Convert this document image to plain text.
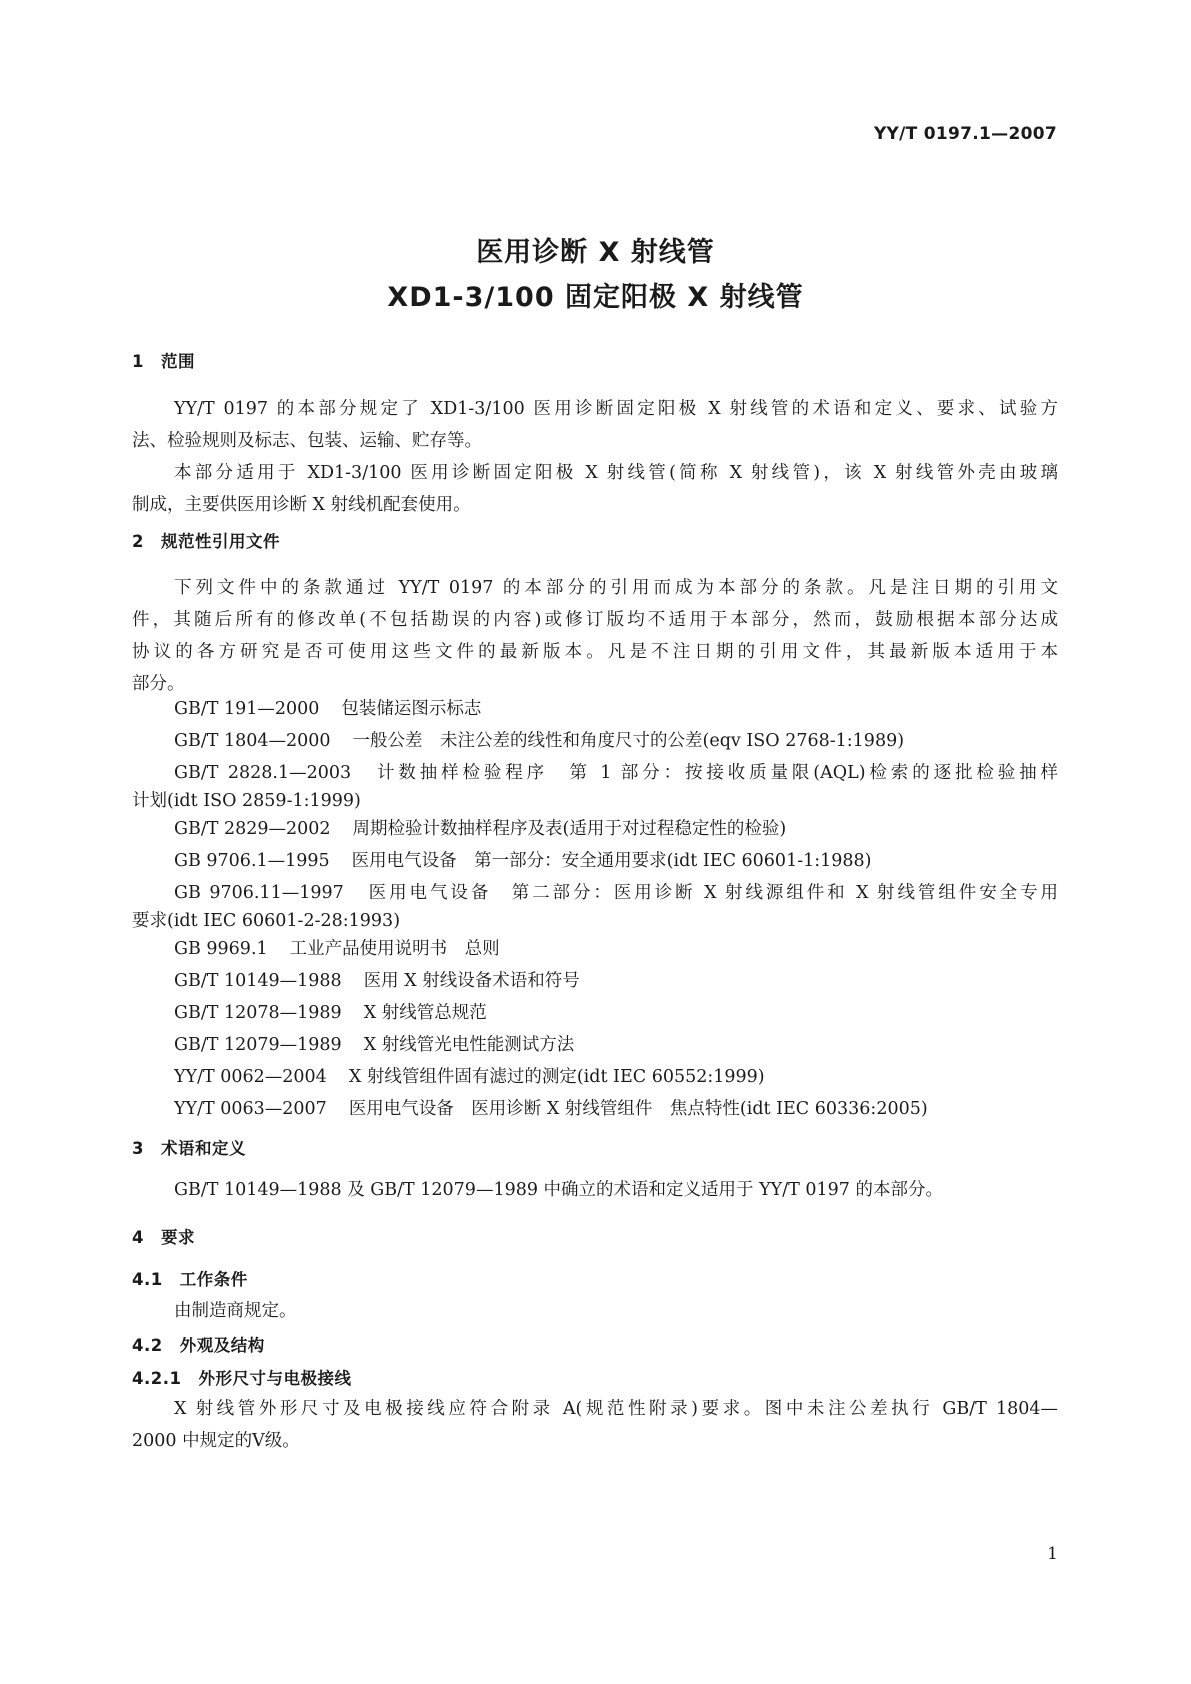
YY/T 0197.1—2007
医用诊断 X 射线管
XD1-3/100 固定阳极 X 射线管
1　范围
YY/T 0197 的本部分规定了 XD1-3/100 医用诊断固定阳极 X 射线管的术语和定义、要求、试验方
法、检验规则及标志、包装、运输、贮存等。
本部分适用于 XD1-3/100 医用诊断固定阳极 X 射线管(简称 X 射线管)，该 X 射线管外壳由玻璃
制成，主要供医用诊断 X 射线机配套使用。
2　规范性引用文件
下列文件中的条款通过 YY/T 0197 的本部分的引用而成为本部分的条款。凡是注日期的引用文
件，其随后所有的修改单(不包括勘误的内容)或修订版均不适用于本部分，然而，鼓励根据本部分达成
协议的各方研究是否可使用这些文件的最新版本。凡是不注日期的引用文件，其最新版本适用于本
部分。
GB/T 191—2000 包装储运图示标志
GB/T 1804—2000 一般公差　未注公差的线性和角度尺寸的公差(eqv ISO 2768-1:1989)
GB/T 2828.1—2003 计数抽样检验程序　第 1 部分：按接收质量限(AQL)检索的逐批检验抽样
计划(idt ISO 2859-1:1999)
GB/T 2829—2002 周期检验计数抽样程序及表(适用于对过程稳定性的检验)
GB 9706.1—1995 医用电气设备　第一部分：安全通用要求(idt IEC 60601-1:1988)
GB 9706.11—1997 医用电气设备　第二部分：医用诊断 X 射线源组件和 X 射线管组件安全专用
要求(idt IEC 60601-2-28:1993)
GB 9969.1 工业产品使用说明书　总则
GB/T 10149—1988 医用 X 射线设备术语和符号
GB/T 12078—1989 X 射线管总规范
GB/T 12079—1989 X 射线管光电性能测试方法
YY/T 0062—2004 X 射线管组件固有滤过的测定(idt IEC 60552:1999)
YY/T 0063—2007 医用电气设备　医用诊断 X 射线管组件　焦点特性(idt IEC 60336:2005)
3　术语和定义
GB/T 10149—1988 及 GB/T 12079—1989 中确立的术语和定义适用于 YY/T 0197 的本部分。
4　要求
4.1　工作条件
由制造商规定。
4.2　外观及结构
4.2.1　外形尺寸与电极接线
X 射线管外形尺寸及电极接线应符合附录 A(规范性附录)要求。图中未注公差执行 GB/T 1804—
2000 中规定的Ⅴ级。
1
